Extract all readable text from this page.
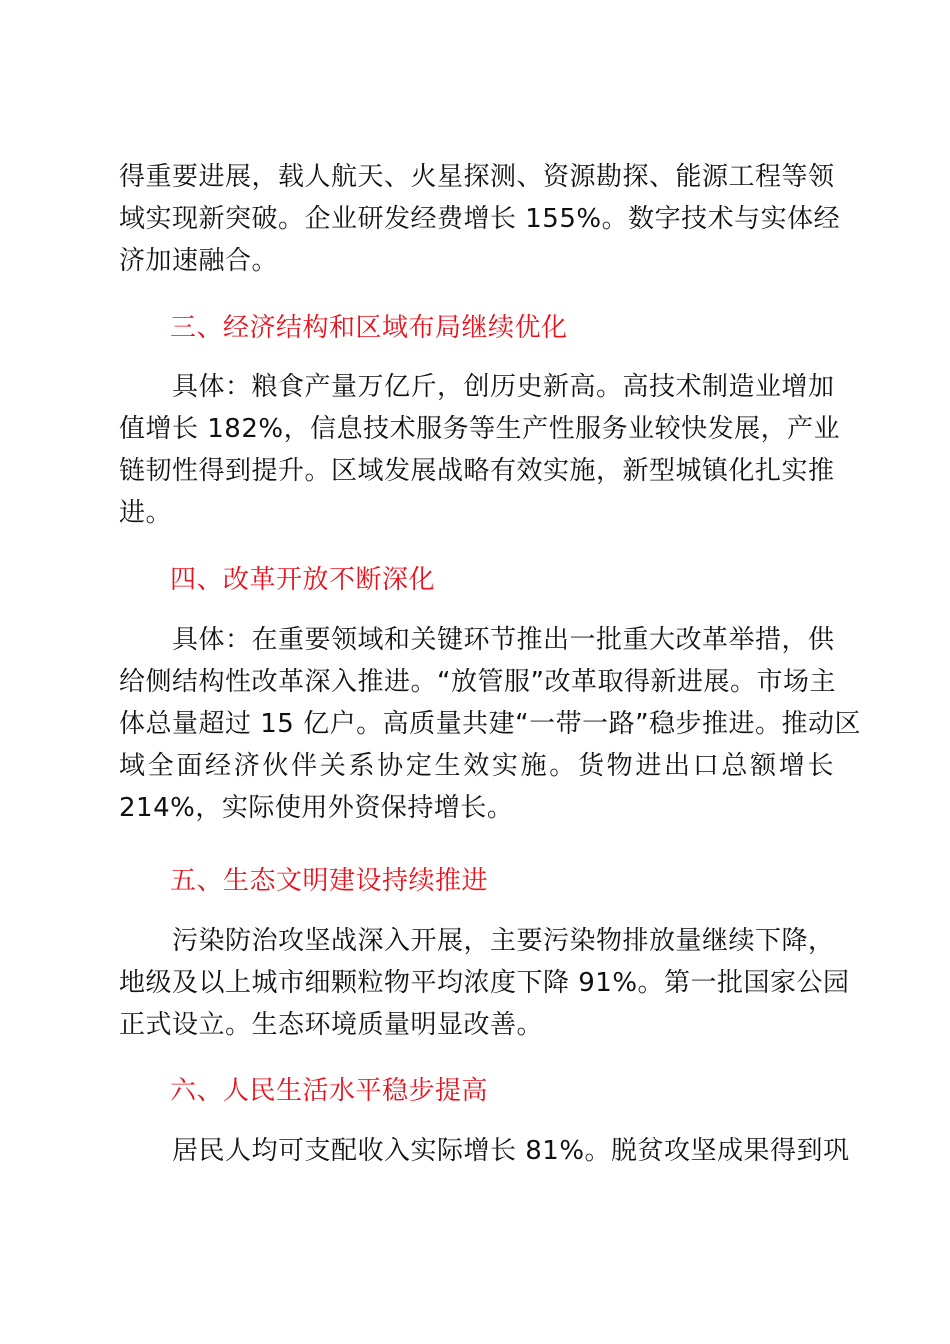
得重要进展，载人航天、火星探测、资源勘探、能源工程等领
域实现新突破。企业研发经费增长 155%。数字技术与实体经
济加速融合。
三、经济结构和区域布局继续优化
　　具体：粮食产量万亿斤，创历史新高。高技术制造业增加
值增长 182%，信息技术服务等生产性服务业较快发展，产业
链韧性得到提升。区域发展战略有效实施，新型城镇化扎实推
进。
四、改革开放不断深化
　　具体：在重要领域和关键环节推出一批重大改革举措，供
给侧结构性改革深入推进。“放管服”改革取得新进展。市场主
体总量超过 15 亿户。高质量共建“一带一路”稳步推进。推动区
域全面经济伙伴关系协定生效实施。货物进出口总额增长
214%，实际使用外资保持增长。
五、生态文明建设持续推进
　　污染防治攻坚战深入开展，主要污染物排放量继续下降，
地级及以上城市细颗粒物平均浓度下降 91%。第一批国家公园
正式设立。生态环境质量明显改善。
六、人民生活水平稳步提高
　　居民人均可支配收入实际增长 81%。脱贫攻坚成果得到巩
